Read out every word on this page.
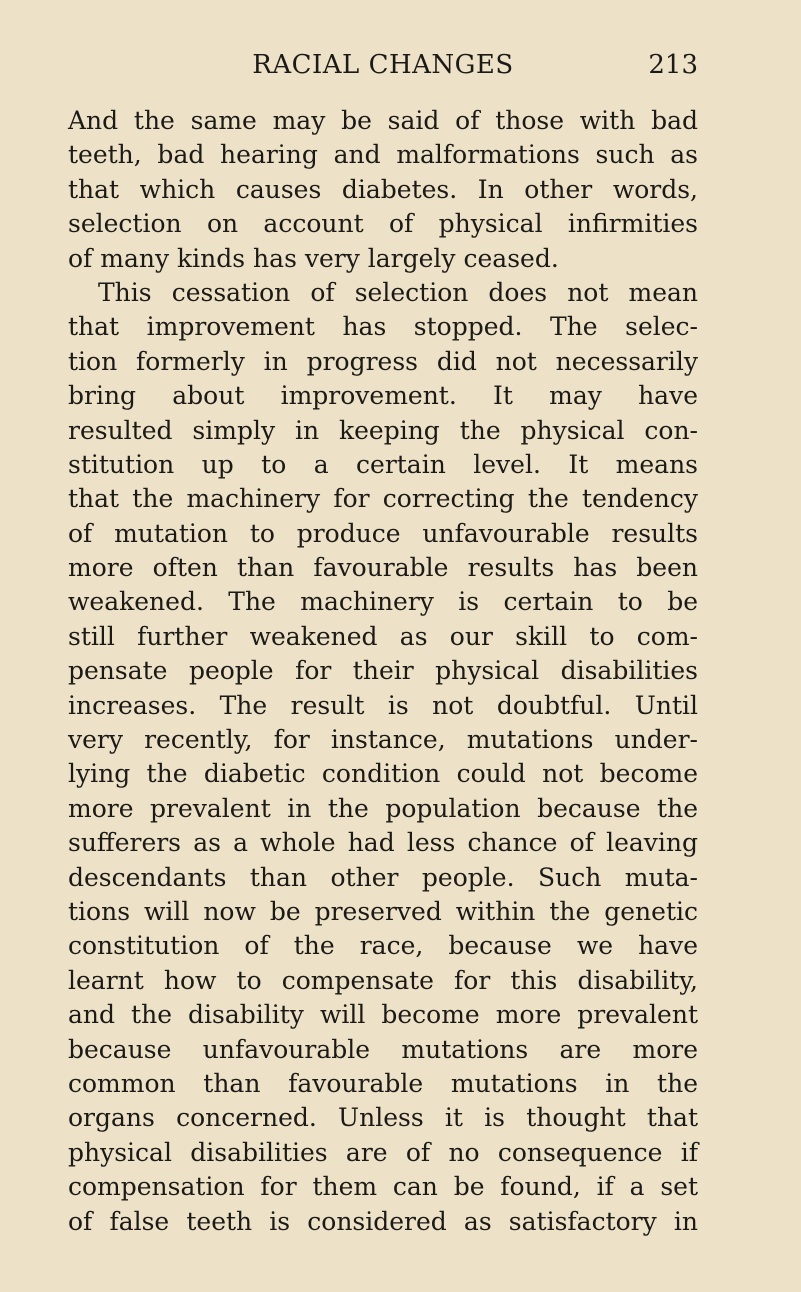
RACIAL CHANGES	213
And the same may be said of those with bad
teeth, bad hearing and malformations such as
that which causes diabetes. In other words,
selection on account of physical infirmities
of many kinds has very largely ceased.
This cessation of selection does not mean
that improvement has stopped. The selec-
tion formerly in progress did not necessarily
bring about improvement. It may have
resulted simply in keeping the physical con-
stitution up to a certain level. It means
that the machinery for correcting the tendency
of mutation to produce unfavourable results
more often than favourable results has been
weakened. The machinery is certain to be
still further weakened as our skill to com-
pensate people for their physical disabilities
increases. The result is not doubtful. Until
very recently, for instance, mutations under-
lying the diabetic condition could not become
more prevalent in the population because the
sufferers as a whole had less chance of leaving
descendants than other people. Such muta-
tions will now be preserved within the genetic
constitution of the race, because we have
learnt how to compensate for this disability,
and the disability will become more prevalent
because unfavourable mutations are more
common than favourable mutations in the
organs concerned. Unless it is thought that
physical disabilities are of no consequence if
compensation for them can be found, if a set
of false teeth is considered as satisfactory in
